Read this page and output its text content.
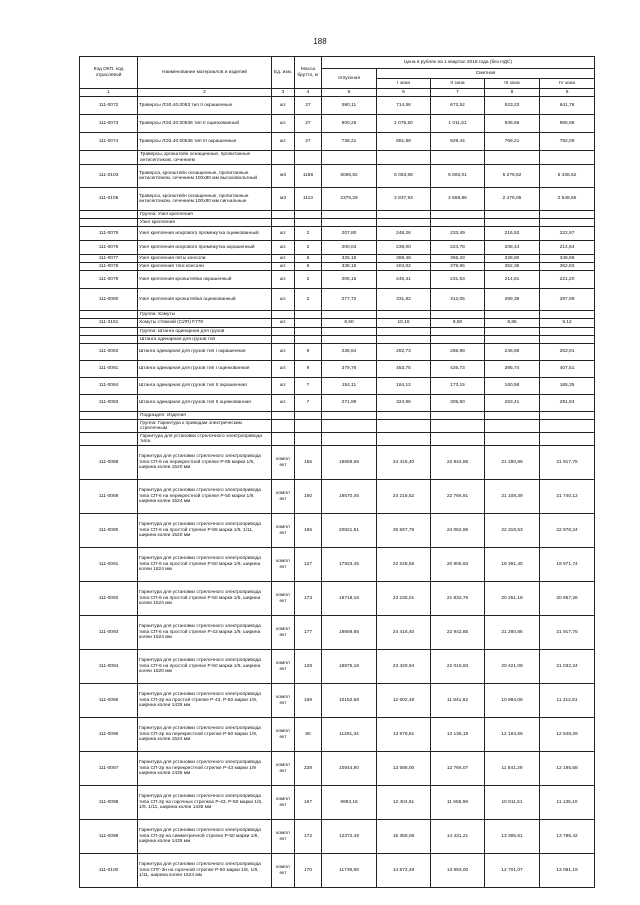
188
Код ОКП, код отраслевой	Наименование материалов и изделий	Ед. изм.	Масса брутто, кг	Цена в рублях на 1 квартал 2018 года (без НДС)				
				отпускная	Сметная			
					I зона	II зона	III зона	IV зона
1	2	3	4	5	6	7	8	9
111-0072	Траверсы ЛЭЗ.40.0083 тип II окрашенные	шт.	27	590,11	714,66	672,52	623,23	641,76
111-0073	Траверсы ЛЭЗ.40.00836 тип II оцинкованный	шт.	27	900,25	1 075,50	1 011,51	938,56	965,96
111-0074	Траверсы ЛЭЗ.40.00836 тип III окрашенные	шт.	27	738,21	881,89	829,44	769,21	792,09
	Траверсы, кронштейн оснащенные, пропитанные антисептиком, сечением							
111-0103	Траверса, кронштейн оснащенные, пропитанные антисептиком, сечением 100х80 мм высоковольтный	м3	1186	5066,82	6 053,68	5 693,01	5 279,62	5 436,62
111-0105	Траверса, кронштейн оснащенные, пропитанные антисептиком, сечением 100х80 мм сигнальные	м3	1113	2375,29	2 837,93	2 668,86	2 475,05	2 548,65
	Группа: Узел крепления							
	Узел крепления							
111-0075	Узел крепления искрового промежутка оцинкованный	шт.	2	207,80	248,26	233,49	216,53	222,97
111-0076	Узел крепления искрового промежутка окрашенный	шт.	2	200,04	239,00	224,78	208,44	214,64
111-0077	Узел крепления пяты консоли	шт.	8	325,15	388,48	365,33	338,80	348,88
111-0078	Узел крепления тяги консоли	шт.	6	338,15	404,02	379,95	352,36	362,83
111-0079	Узел крепления кронштейна окрашенный	шт.	2	206,15	246,31	231,63	214,81	221,20
111-0080	Узел крепления кронштейна оцинкованный	шт.	2	277,72	331,82	312,05	289,39	297,99
	Группа: Хомуты							
111-3161	Хомуты стяжной (СИП) F778	шт.		8,50	10,16	9,50	8,85	9,12
	Группа: Штанга одинарная для грузов							
	Штанга одинарная для грузов тип							
111-0082	Штанга одинарная для грузов тип I окрашенная	шт.	9	236,64	282,73	265,88	246,56	253,91
111-0081	Штанга одинарная для грузов тип I оцинкованная	шт.	9	379,76	453,75	426,73	395,74	407,51
111-0084	Штанга одинарная для грузов тип II окрашенная	шт.	7	154,11	184,12	173,15	160,58	165,35
111-0083	Штанга одинарная для грузов тип II оцинкованная	шт.	7	271,99	324,96	305,60	283,41	291,84
	Подраздел: Изделия							
	Группа: Гарнитура к приводам электрическим стрелочным							
	Гарнитура для установки стрелочного электропривода типа							
111-0088	Гарнитура для установки стрелочного электропривода типа СП-6 на перекрестной стрелке Р-65 марки 1/9, ширина колеи 1520 мм	компл ект	155	19659,65	24 416,40	22 942,85	21 280,86	21 917,75
111-0089	Гарнитура для установки стрелочного электропривода типа СП-6 на перекрестной стрелке Р-50 марки 1/9, ширина колеи 1524 мм	компл ект	160	19570,45	24 218,52	22 766,91	21 108,39	21 740,12
111-0090	Гарнитура для установки стрелочного электропривода типа СП-6 на простой стрелке Р-65 марки 1/9, 1/11, ширина колеи 1520 мм	компл ект	165	20821,51	25 597,79	24 062,95	22 318,53	22 978,24
111-0091	Гарнитура для установки стрелочного электропривода типа СП-6 на простой стрелке Р-50 марки 1/9, ширина колеи 1524 мм	компл ект	127	17923,45	22 248,55	20 905,83	19 391,40	19 971,74
111-0092	Гарнитура для установки стрелочного электропривода типа СП-6 на простой стрелке Р-50 марки 1/5, ширина колеи 1524 мм	компл ект	173	18718,16	23 235,01	21 832,76	20 251,18	20 857,26
111-0093	Гарнитура для установки стрелочного электропривода типа СП-6 на простой стрелке Р-43 марки 1/9, ширина колеи 1524 мм	компл ект	177	19669,65	24 416,40	22 942,85	21 280,86	21 917,75
111-0094	Гарнитура для установки стрелочного электропривода типа СП-6 на простой стрелке Р-50 марки 1/9, ширина колеи 1520 мм	компл ект	128	18875,18	23 429,94	22 015,93	20 421,08	21 032,24
111-0095	Гарнитура для установки стрелочного электропривода типа СП-2р на простой стрелке Р-43, Р-50 марки 1/9, ширина колеи 1435 мм	компл ект	169	10152,58	12 602,49	11 841,92	10 984,06	11 312,81
111-0096	Гарнитура для установки стрелочного электропривода типа СП-2р на перекрестной стрелке Р-50 марки 1/9, ширина колеи 1524 мм	компл ект	80	11261,34	13 978,81	13 135,18	12 183,66	12 548,29
111-0097	Гарнитура для установки стрелочного электропривода типа СП-2р на перекрестной стрелке Р-43 марки 1/9 ширина колеи 1435 мм	компл ект	229	10944,80	13 586,00	12 766,07	11 841,29	12 195,68
111-0098	Гарнитура для установки стрелочного электропривода типа СП-2р на горочных стрелках Р-43, Р-50 марки 1/6, 1/9, 1/11, ширина колеи 1435 мм	компл ект	167	9993,16	12 404,61	11 655,98	10 811,51	11 135,10
111-0099	Гарнитура для установки стрелочного электропривода типа СП-2р на симметричной стрелке Р-50 марки 1/6, ширина колеи 1435 мм	компл ект	172	12372,49	15 358,08	14 431,21	13 385,61	13 786,42
111-0100	Гарнитура для установки стрелочного электропривода типа СПГ-3н на горочной стрелке Р-50 марки 1/6, 1/9, 1/11, ширина колеи 1524 мм	компл ект	170	11739,89	14 572,48	13 693,00	12 701,07	13 081,19
